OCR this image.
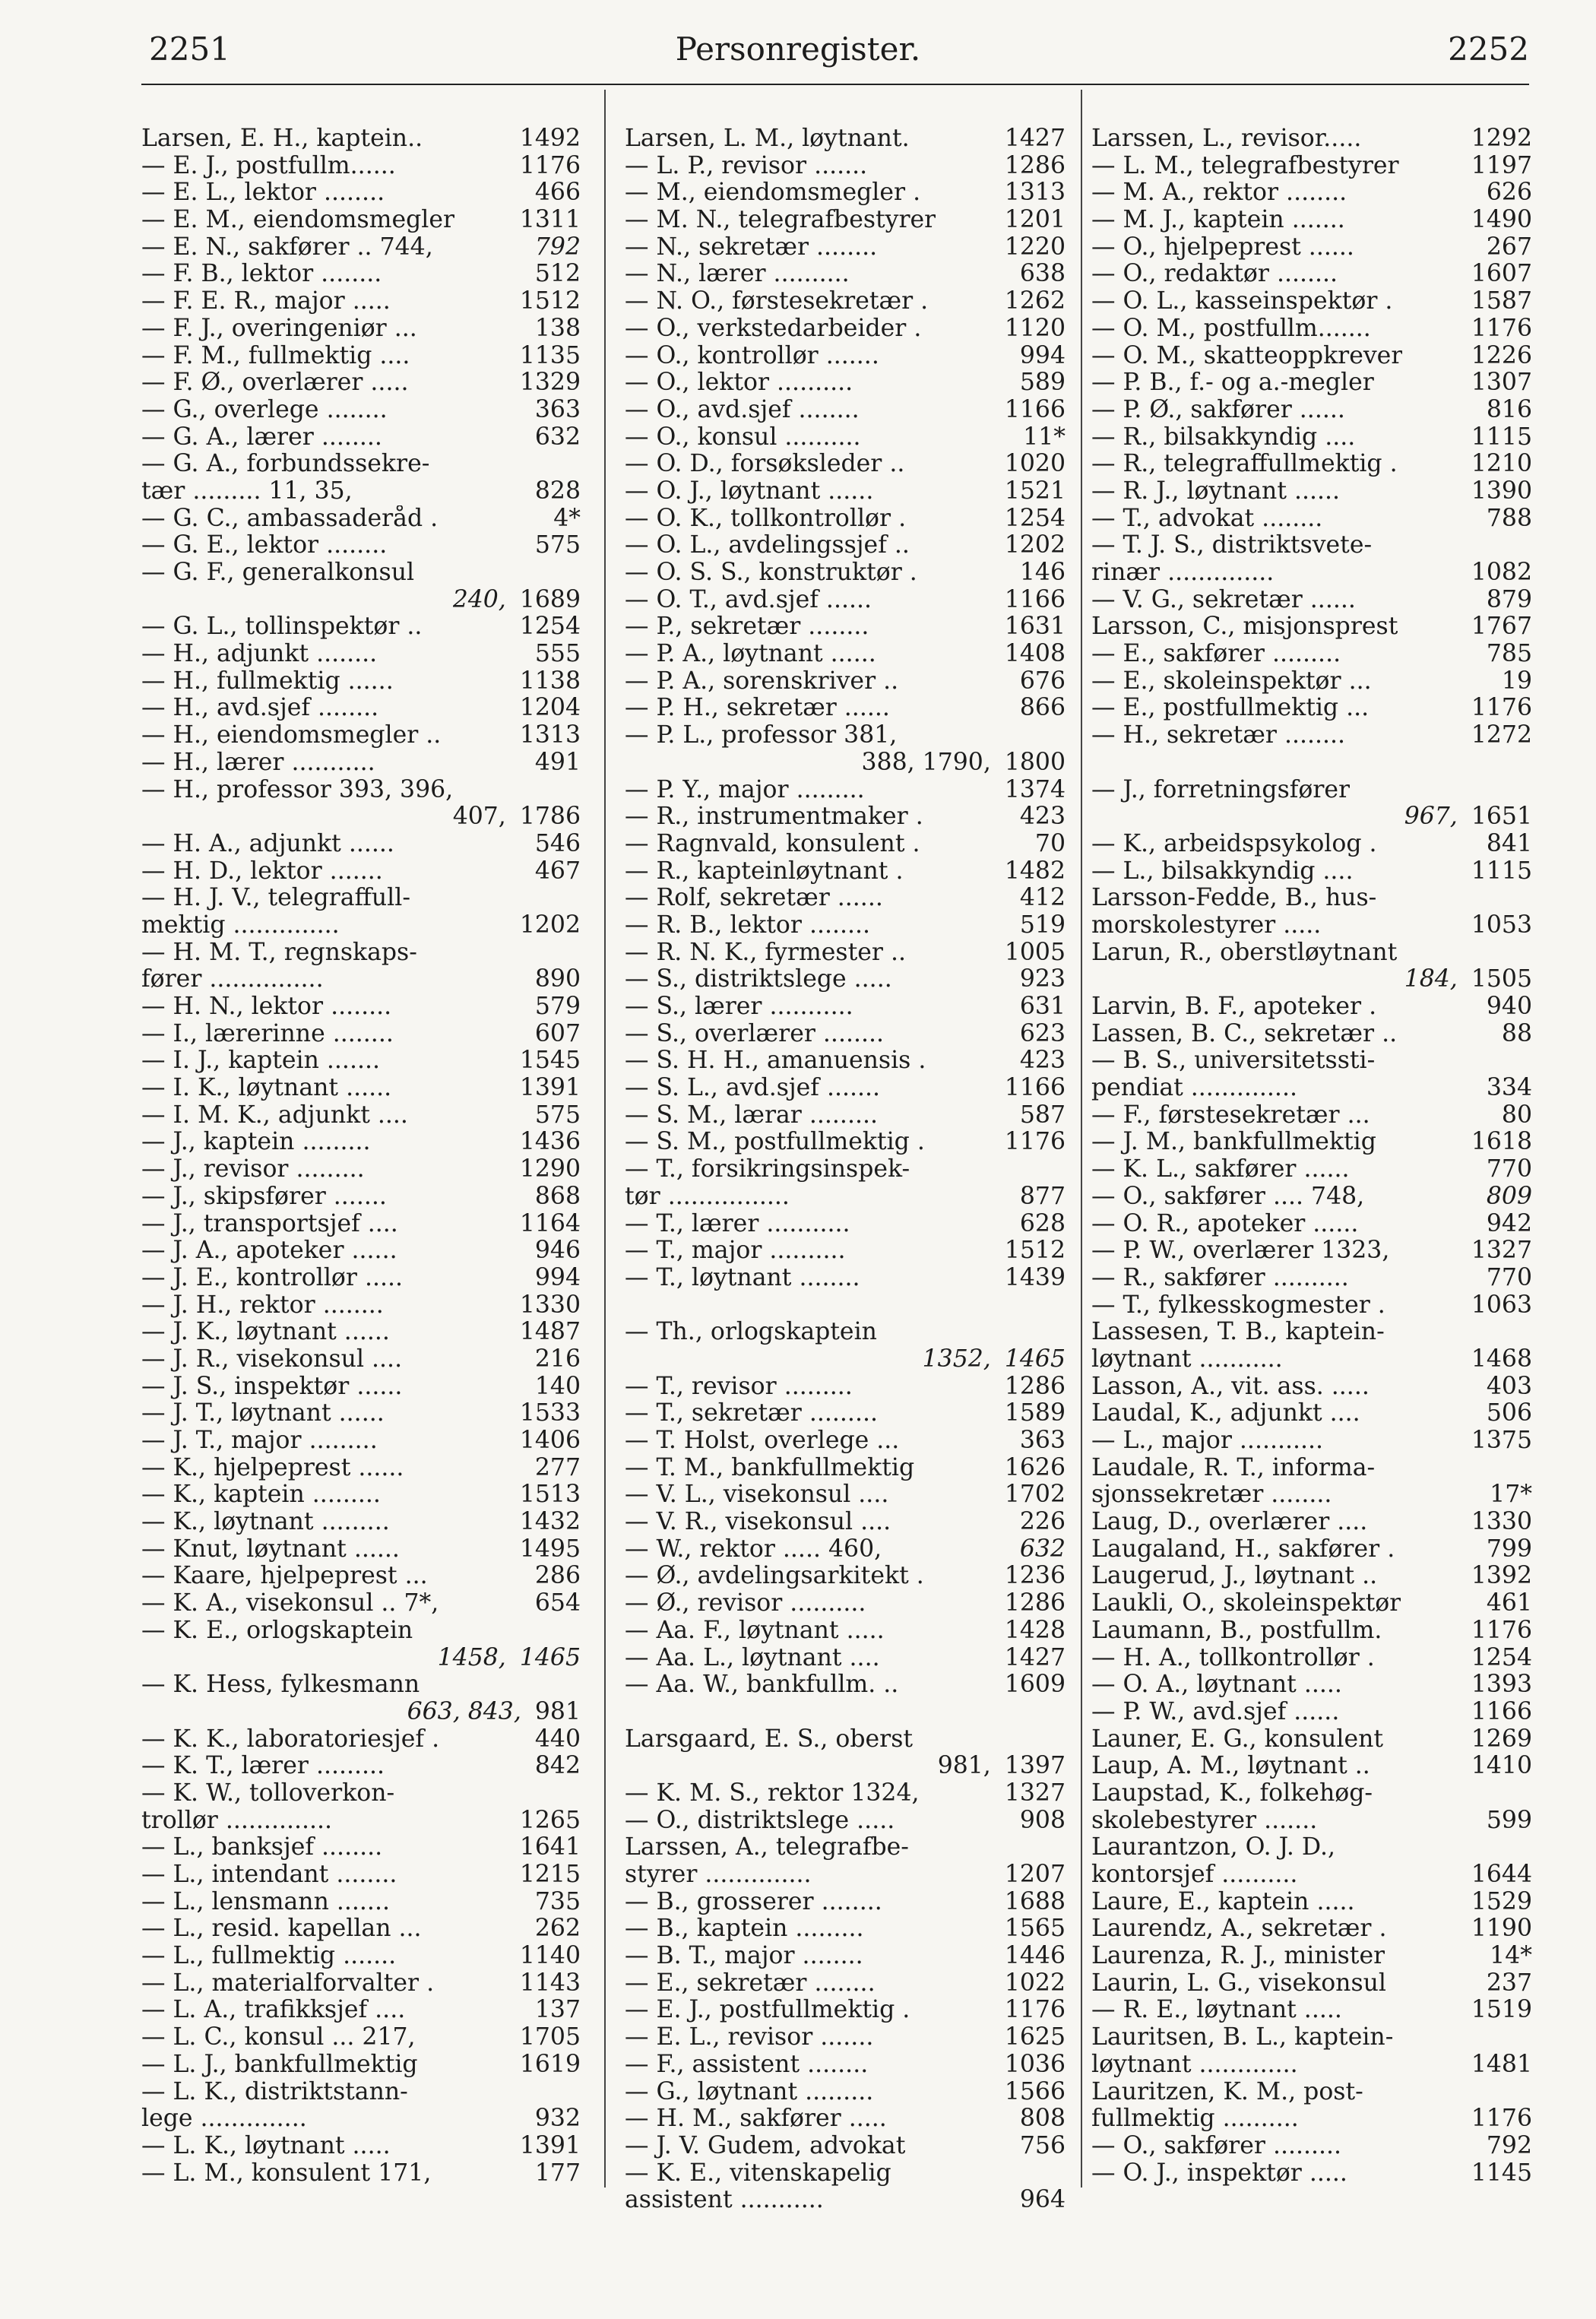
2251	Personregister.	2252
Larsen, E. H., kaptein..	1492
— E. J., postfullm......	1176
— E. L., lektor ........	466
— E. M., eiendomsmegler	1311
— E. N., sakfører .. 744,	792
— F. B., lektor ........	512
— F. E. R., major .....	1512
— F. J., overingeniør ...	138
— F. M., fullmektig ....	1135
— F. Ø., overlærer .....	1329
— G., overlege ........	363
— G. A., lærer ........	632
— G. A., forbundssekre-
tær ......... 11, 35,	828
— G. C., ambassaderåd .	4*
— G. E., lektor ........	575
— G. F., generalkonsul
240, 1689
— G. L., tollinspektør ..	1254
— H., adjunkt ........	555
— H., fullmektig ......	1138
— H., avd.sjef ........	1204
— H., eiendomsmegler ..	1313
— H., lærer ...........	491
— H., professor 393, 396,
407, 1786
— H. A., adjunkt ......	546
— H. D., lektor .......	467
— H. J. V., telegraffull-
mektig ..............	1202
— H. M. T., regnskaps-
fører ...............	890
— H. N., lektor ........	579
— I., lærerinne ........	607
— I. J., kaptein .......	1545
— I. K., løytnant ......	1391
— I. M. K., adjunkt ....	575
— J., kaptein .........	1436
— J., revisor .........	1290
— J., skipsfører .......	868
— J., transportsjef ....	1164
— J. A., apoteker ......	946
— J. E., kontrollør .....	994
— J. H., rektor ........	1330
— J. K., løytnant ......	1487
— J. R., visekonsul ....	216
— J. S., inspektør ......	140
— J. T., løytnant ......	1533
— J. T., major .........	1406
— K., hjelpeprest ......	277
— K., kaptein .........	1513
— K., løytnant .........	1432
— Knut, løytnant ......	1495
— Kaare, hjelpeprest ...	286
— K. A., visekonsul .. 7*,	654
— K. E., orlogskaptein
1458, 1465
— K. Hess, fylkesmann
663, 843, 981
— K. K., laboratoriesjef .	440
— K. T., lærer .........	842
— K. W., tolloverkon-
trollør ..............	1265
— L., banksjef ........	1641
— L., intendant ........	1215
— L., lensmann .......	735
— L., resid. kapellan ...	262
— L., fullmektig .......	1140
— L., materialforvalter .	1143
— L. A., trafikksjef ....	137
— L. C., konsul ... 217,	1705
— L. J., bankfullmektig	1619
— L. K., distriktstann-
lege ..............	932
— L. K., løytnant .....	1391
— L. M., konsulent 171,	177
Larsen, L. M., løytnant.	1427
— L. P., revisor .......	1286
— M., eiendomsmegler .	1313
— M. N., telegrafbestyrer	1201
— N., sekretær ........	1220
— N., lærer ..........	638
— N. O., førstesekretær .	1262
— O., verkstedarbeider .	1120
— O., kontrollør .......	994
— O., lektor ..........	589
— O., avd.sjef ........	1166
— O., konsul ..........	11*
— O. D., forsøksleder ..	1020
— O. J., løytnant ......	1521
— O. K., tollkontrollør .	1254
— O. L., avdelingssjef ..	1202
— O. S. S., konstruktør .	146
— O. T., avd.sjef ......	1166
— P., sekretær ........	1631
— P. A., løytnant ......	1408
— P. A., sorenskriver ..	676
— P. H., sekretær ......	866
— P. L., professor 381,
388, 1790, 1800
— P. Y., major .........	1374
— R., instrumentmaker .	423
— Ragnvald, konsulent .	70
— R., kapteinløytnant .	1482
— Rolf, sekretær ......	412
— R. B., lektor ........	519
— R. N. K., fyrmester ..	1005
— S., distriktslege .....	923
— S., lærer ...........	631
— S., overlærer ........	623
— S. H. H., amanuensis .	423
— S. L., avd.sjef .......	1166
— S. M., lærar .........	587
— S. M., postfullmektig .	1176
— T., forsikringsinspek-
tør ................	877
— T., lærer ...........	628
— T., major ..........	1512
— T., løytnant ........	1439
— Th., orlogskaptein
1352, 1465
— T., revisor .........	1286
— T., sekretær .........	1589
— T. Holst, overlege ...	363
— T. M., bankfullmektig	1626
— V. L., visekonsul ....	1702
— V. R., visekonsul ....	226
— W., rektor ..... 460,	632
— Ø., avdelingsarkitekt .	1236
— Ø., revisor ..........	1286
— Aa. F., løytnant .....	1428
— Aa. L., løytnant ....	1427
— Aa. W., bankfullm. ..	1609
Larsgaard, E. S., oberst
981, 1397
— K. M. S., rektor 1324,	1327
— O., distriktslege .....	908
Larssen, A., telegrafbe-
styrer ..............	1207
— B., grosserer ........	1688
— B., kaptein .........	1565
— B. T., major ........	1446
— E., sekretær ........	1022
— E. J., postfullmektig .	1176
— E. L., revisor .......	1625
— F., assistent ........	1036
— G., løytnant .........	1566
— H. M., sakfører .....	808
— J. V. Gudem, advokat	756
— K. E., vitenskapelig
assistent ...........	964
Larssen, L., revisor.....	1292
— L. M., telegrafbestyrer	1197
— M. A., rektor ........	626
— M. J., kaptein .......	1490
— O., hjelpeprest ......	267
— O., redaktør ........	1607
— O. L., kasseinspektør .	1587
— O. M., postfullm.......	1176
— O. M., skatteoppkrever	1226
— P. B., f.- og a.-megler	1307
— P. Ø., sakfører ......	816
— R., bilsakkyndig ....	1115
— R., telegraffullmektig .	1210
— R. J., løytnant ......	1390
— T., advokat ........	788
— T. J. S., distriktsvete-
rinær ..............	1082
— V. G., sekretær ......	879
Larsson, C., misjonsprest	1767
— E., sakfører .........	785
— E., skoleinspektør ...	19
— E., postfullmektig ...	1176
— H., sekretær ........	1272
— J., forretningsfører
967, 1651
— K., arbeidspsykolog .	841
— L., bilsakkyndig ....	1115
Larsson-Fedde, B., hus-
morskolestyrer .....	1053
Larun, R., oberstløytnant
184, 1505
Larvin, B. F., apoteker .	940
Lassen, B. C., sekretær ..	88
— B. S., universitetssti-
pendiat ..............	334
— F., førstesekretær ...	80
— J. M., bankfullmektig	1618
— K. L., sakfører ......	770
— O., sakfører .... 748,	809
— O. R., apoteker ......	942
— P. W., overlærer 1323,	1327
— R., sakfører ..........	770
— T., fylkesskogmester .	1063
Lassesen, T. B., kaptein-
løytnant ...........	1468
Lasson, A., vit. ass. .....	403
Laudal, K., adjunkt ....	506
— L., major ...........	1375
Laudale, R. T., informa-
sjonssekretær ........	17*
Laug, D., overlærer ....	1330
Laugaland, H., sakfører .	799
Laugerud, J., løytnant ..	1392
Laukli, O., skoleinspektør	461
Laumann, B., postfullm.	1176
— H. A., tollkontrollør .	1254
— O. A., løytnant .....	1393
— P. W., avd.sjef ......	1166
Launer, E. G., konsulent	1269
Laup, A. M., løytnant ..	1410
Laupstad, K., folkehøg-
skolebestyrer .......	599
Laurantzon, O. J. D.,
kontorsjef ..........	1644
Laure, E., kaptein .....	1529
Laurendz, A., sekretær .	1190
Laurenza, R. J., minister	14*
Laurin, L. G., visekonsul	237
— R. E., løytnant .....	1519
Lauritsen, B. L., kaptein-
løytnant .............	1481
Lauritzen, K. M., post-
fullmektig ..........	1176
— O., sakfører .........	792
— O. J., inspektør .....	1145
